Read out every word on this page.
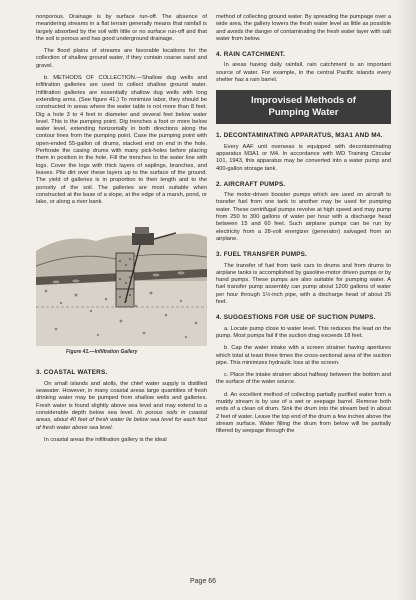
nonporous. Drainage is by surface run-off. The absence of meandering streams in a flat terrain generally means that rainfall is largely absorbed by the soil with little or no surface run-off and that the soil is porous and has good underground drainage.

The flood plains of streams are favorable locations for the collection of shallow ground water, if they contain coarse sand and gravel.

b. METHODS OF COLLECTION.—Shallow dug wells and infiltration galleries are used to collect shallow ground water. Infiltration galleries are essentially shallow dug wells with long extending arms. (See figure 41.) To minimize labor, they should be constructed in areas where the water table is not more than 8 feet. Dig a hole 3 to 4 feet in diameter and several feet below water level. This is the pumping point. Dig trenches a foot or more below water level, extending horizontally in both directions along the contour lines from the pumping point. Case the pumping point with open-ended 55-gallon oil drums, stacked end on end in the hole. Perforate the casing drums with many pick-holes before placing them in position in the hole. Fill the trenches to the water line with logs. Cover the logs with thick layers of saplings, branches, and leaves. Pile dirt over these layers up to the surface of the ground. The yield of galleries is in proportion to their length and to the porosity of the soil. The galleries are most suitable when constructed at the base of a slope, at the edge of a marsh, pond, or lake, or along a river bank.

Figure 41.—Infiltration Gallery
3. COASTAL WATERS.

On small islands and atolls, the chief water supply is distilled seawater. However, in many coastal areas large quantities of fresh drinking water may be pumped from shallow wells and galleries. Fresh water is found slightly above sea level and may extend to a considerable depth below sea level. In porous soils in coastal areas, about 40 feet of fresh water lie below sea level for each foot of fresh water above sea level.

In coastal areas the infiltration gallery is the ideal

method of collecting ground water. By spreading the pumpage over a wide area, the gallery lowers the fresh water level as little as possible and avoids the danger of contaminating the fresh water layer with salt water from below.

4. RAIN CATCHMENT.

In areas having daily rainfall, rain catchment is an important source of water. For example, in the central Pacific islands every shelter has a rain barrel.

Improvised Methods of
Pumping Water
1. DECONTAMINATING APPARATUS, M3A1 AND M4.

Every AAF unit overseas is equipped with decontaminating apparatus M3A1 or M4. In accordance with WD Training Circular 101, 1943, this apparatus may be converted into a water pump and 400-gallon storage tank.

2. AIRCRAFT PUMPS.

The motor-driven booster pumps which are used on aircraft to transfer fuel from one tank to another may be used for pumping water. These centrifugal pumps revolve at high speed and may pump from 250 to 300 gallons of water per hour with a discharge head between 15 and 60 feet. Such airplane pumps can be run by electricity from a 28-volt energizer (generator) salvaged from an airplane.

3. FUEL TRANSFER PUMPS.

The transfer of fuel from tank cars to drums and from drums to airplane tanks is accomplished by gasoline-motor driven pumps or by hand pumps. These pumps are also suitable for pumping water. A fuel transfer pump assembly can pump about 1200 gallons of water per hour through 1½-inch pipe, with a discharge head of about 25 feet.

4. SUGGESTIONS FOR USE OF SUCTION PUMPS.

a. Locate pump close to water level. This reduces the lead on the pump. Most pumps fail if the suction drag exceeds 18 feet.

b. Cap the water intake with a screen strainer having apertures which total at least three times the cross-sectional area of the suction pipe. This minimizes hydraulic loss at the screen.

c. Place the intake strainer about halfway between the bottom and the surface of the water source.

d. An excellent method of collecting partially purified water from a muddy stream is by use of a wet or seepage barrel. Remove both ends of a clean oil drum. Sink the drum into the stream bed in about 2 feet of water. Leave the top end of the drum a few inches above the stream surface. Water filling the drum from below will be partially filtered by seepage through the

Page 66
